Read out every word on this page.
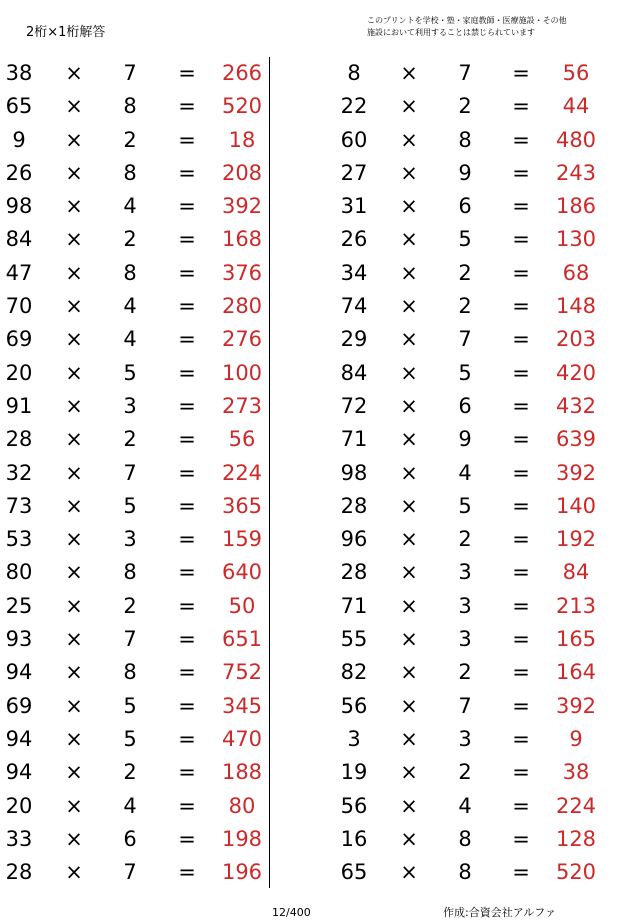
2桁×1桁解答
このプリントを学校・塾・家庭教師・医療施設・その他
施設において利用することは禁じられています
38	× 7 =	266
65	× 8 =	520
9	× 2 =	18
26	× 8 =	208
98	× 4 =	392
84	× 2 =	168
47	× 8 =	376
70	× 4 =	280
69	× 4 =	276
20	× 5 =	100
91	× 3 =	273
28	× 2 =	56
32	× 7 =	224
73	× 5 =	365
53	× 3 =	159
80	× 8 =	640
25	× 2 =	50
93	× 7 =	651
94	× 8 =	752
69	× 5 =	345
94	× 5 =	470
94	× 2 =	188
20	× 4 =	80
33	× 6 =	198
28	× 7 =	196
8	× 7 =	56
22	× 2 =	44
60	× 8 =	480
27	× 9 =	243
31	× 6 =	186
26	× 5 =	130
34	× 2 =	68
74	× 2 =	148
29	× 7 =	203
84	× 5 =	420
72	× 6 =	432
71	× 9 =	639
98	× 4 =	392
28	× 5 =	140
96	× 2 =	192
28	× 3 =	84
71	× 3 =	213
55	× 3 =	165
82	× 2 =	164
56	× 7 =	392
3	× 3 =	9
19	× 2 =	38
56	× 4 =	224
16	× 8 =	128
65	× 8 =	520
12/400	作成:合資会社アルファ
